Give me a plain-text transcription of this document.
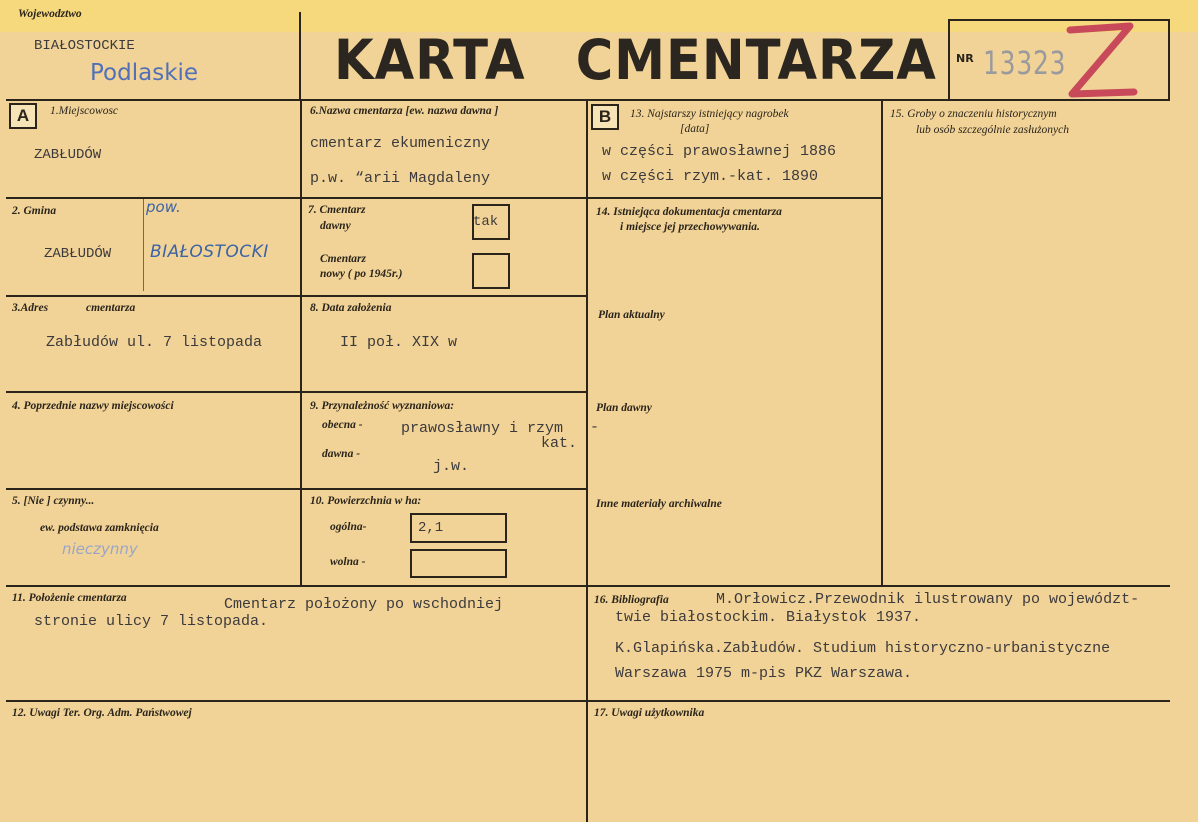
Wojewodztwo
BIAŁOSTOCKIE
Podlaskie KARTA CMENTARZA NR 13323
A	1.Miejscowosc
ZABŁUDÓW
2. Gmina	pow.
ZABŁUDÓW BIAŁOSTOCKI
3.Adres	cmentarza
Zabłudów ul. 7 listopada
4. Poprzednie nazwy miejscowości
5. [Nie ] czynny...
ew. podstawa zamknięcia
nieczynny
6.Nazwa cmentarza [ew. nazwa dawna ]
cmentarz ekumeniczny
p.w. “arii Magdaleny
7. Cmentarz
dawny	tak
Cmentarz
nowy ( po 1945r.)
8. Data założenia
II poł. XIX w
9. Przynależność wyznaniowa:
obecna -	prawosławny i rzym
kat.
-
dawna -
j.w.
10. Powierzchnia w ha:
ogólna-	2,1
wolna -
11. Położenie cmentarza	Cmentarz położony po wschodniej
stronie ulicy 7 listopada.
12. Uwagi Ter. Org. Adm. Państwowej
B	13. Najstarszy istniejący nagrobek
[data]
w części prawosławnej 1886
w części rzym.-kat. 1890
14. Istniejąca dokumentacja cmentarza
i miejsce jej przechowywania.
Plan aktualny
Plan dawny
Inne materiały archiwalne
15. Groby o znaczeniu historycznym
lub osób szczególnie zasłużonych
16. Bibliografia	M.Orłowicz.Przewodnik ilustrowany po województ-
twie białostockim. Białystok 1937.
K.Glapińska.Zabłudów. Studium historyczno-urbanistyczne
Warszawa 1975 m-pis PKZ Warszawa.
17. Uwagi użytkownika
